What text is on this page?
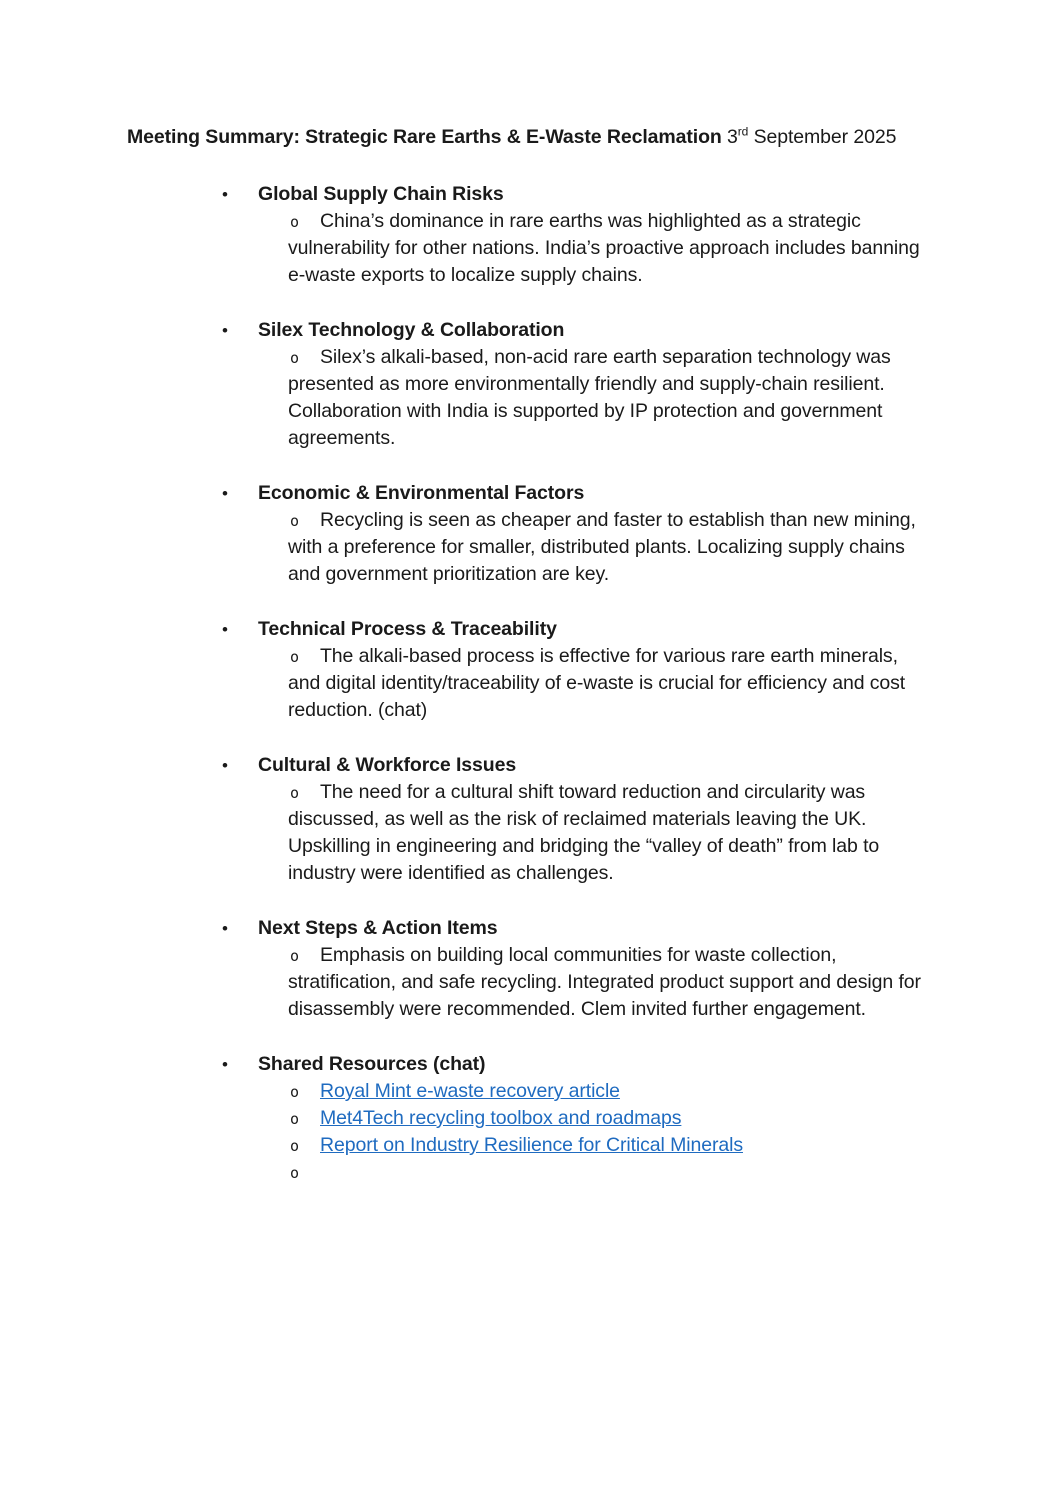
Meeting Summary: Strategic Rare Earths & E-Waste Reclamation 3rd September 2025
• Global Supply Chain Risks
o China’s dominance in rare earths was highlighted as a strategic vulnerability for other nations. India’s proactive approach includes banning e-waste exports to localize supply chains.
• Silex Technology & Collaboration
o Silex’s alkali-based, non-acid rare earth separation technology was presented as more environmentally friendly and supply-chain resilient. Collaboration with India is supported by IP protection and government agreements.
• Economic & Environmental Factors
o Recycling is seen as cheaper and faster to establish than new mining, with a preference for smaller, distributed plants. Localizing supply chains and government prioritization are key.
• Technical Process & Traceability
o The alkali-based process is effective for various rare earth minerals, and digital identity/traceability of e-waste is crucial for efficiency and cost reduction. (chat)
• Cultural & Workforce Issues
o The need for a cultural shift toward reduction and circularity was discussed, as well as the risk of reclaimed materials leaving the UK. Upskilling in engineering and bridging the “valley of death” from lab to industry were identified as challenges.
• Next Steps & Action Items
o Emphasis on building local communities for waste collection, stratification, and safe recycling. Integrated product support and design for disassembly were recommended. Clem invited further engagement.
• Shared Resources (chat)
o Royal Mint e-waste recovery article
o Met4Tech recycling toolbox and roadmaps
o Report on Industry Resilience for Critical Minerals
o
